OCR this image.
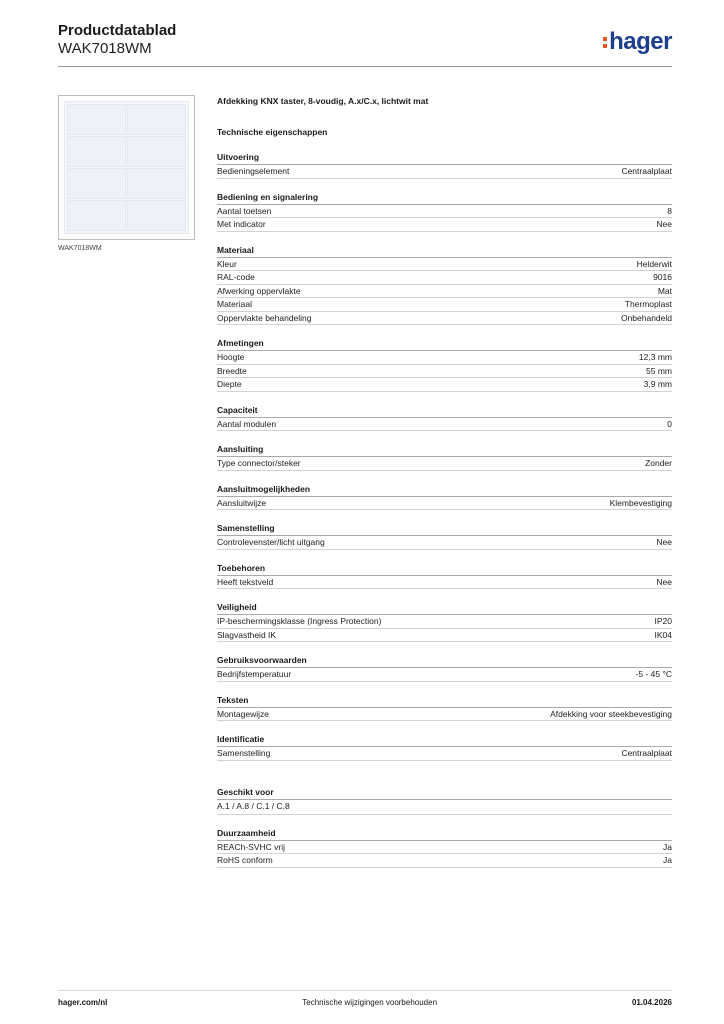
Productdatablad
WAK7018WM	hager
WAK7018WM
Afdekking KNX taster, 8-voudig, A.x/C.x, lichtwit mat
Technische eigenschappen
Uitvoering
Bedieningselement	Centraalplaat
Bediening en signalering
Aantal toetsen	8
Met indicator	Nee
Materiaal
Kleur	Helderwit
RAL-code	9016
Afwerking oppervlakte	Mat
Materiaal	Thermoplast
Oppervlakte behandeling	Onbehandeld
Afmetingen
Hoogte	12,3 mm
Breedte	55 mm
Diepte	3,9 mm
Capaciteit
Aantal modulen	0
Aansluiting
Type connector/steker	Zonder
Aansluitmogelijkheden
Aansluitwijze	Klembevestiging
Samenstelling
Controlevenster/licht uitgang	Nee
Toebehoren
Heeft tekstveld	Nee
Veiligheid
IP-beschermingsklasse (Ingress Protection)	IP20
Slagvastheid IK	IK04
Gebruiksvoorwaarden
Bedrijfstemperatuur	-5 - 45 °C
Teksten
Montagewijze	Afdekking voor steekbevestiging
Identificatie
Samenstelling	Centraalplaat
Geschikt voor
A.1 / A.8 / C.1 / C.8
Duurzaamheid
REACh-SVHC vrij	Ja
RoHS conform	Ja
hager.com/nl	Technische wijzigingen voorbehouden	01.04.2026
